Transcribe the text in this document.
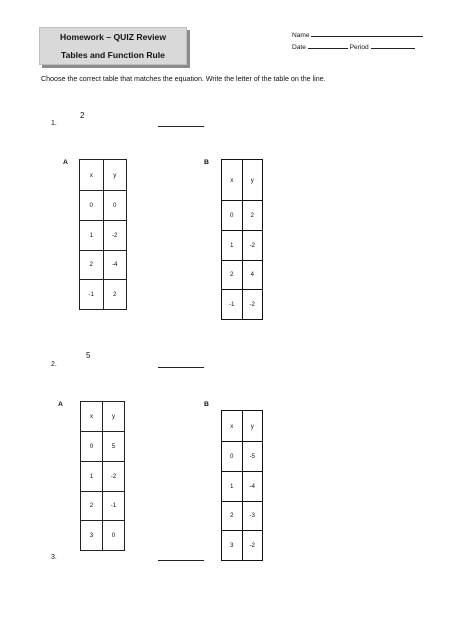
Homework – QUIZ Review
Tables and Function Rule
Name
Date	Period
Choose the correct table that matches the equation. Write the letter of the table on the line.
2
1.
A
x	y
0	0
1	-2
2	-4
-1	2
B
x	y
0	2
1	-2
2	4
-1	-2
5
2.
A
x	y
0	5
1	-2
2	-1
3	0
B
x	y
0	-5
1	-4
2	-3
3	-2
3.
